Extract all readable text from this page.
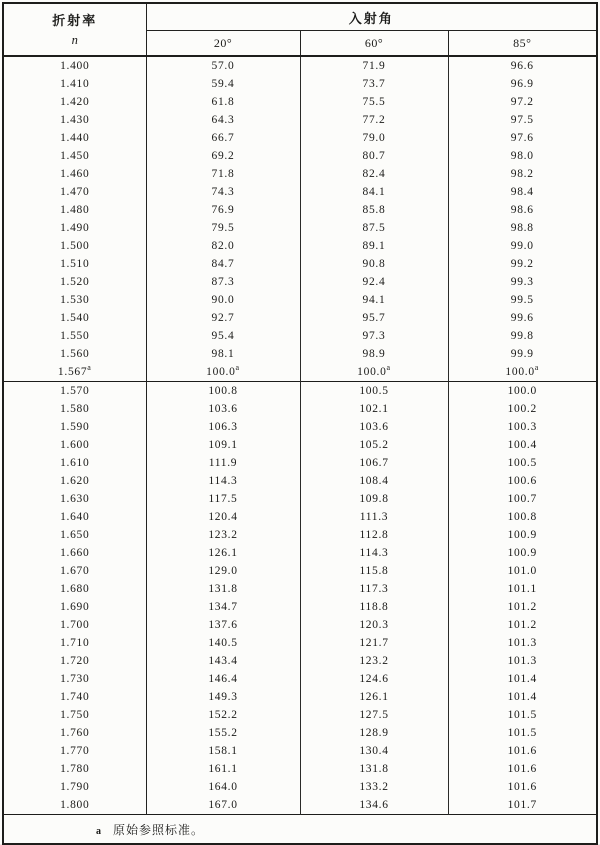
折射率
n	入射角		
	20°	60°	85°
1.400	57.0	71.9	96.6
1.410	59.4	73.7	96.9
1.420	61.8	75.5	97.2
1.430	64.3	77.2	97.5
1.440	66.7	79.0	97.6
1.450	69.2	80.7	98.0
1.460	71.8	82.4	98.2
1.470	74.3	84.1	98.4
1.480	76.9	85.8	98.6
1.490	79.5	87.5	98.8
1.500	82.0	89.1	99.0
1.510	84.7	90.8	99.2
1.520	87.3	92.4	99.3
1.530	90.0	94.1	99.5
1.540	92.7	95.7	99.6
1.550	95.4	97.3	99.8
1.560	98.1	98.9	99.9
1.567$^a$	100.0$^a$	100.0$^a$	100.0$^a$
1.570	100.8	100.5	100.0
1.580	103.6	102.1	100.2
1.590	106.3	103.6	100.3
1.600	109.1	105.2	100.4
1.610	111.9	106.7	100.5
1.620	114.3	108.4	100.6
1.630	117.5	109.8	100.7
1.640	120.4	111.3	100.8
1.650	123.2	112.8	100.9
1.660	126.1	114.3	100.9
1.670	129.0	115.8	101.0
1.680	131.8	117.3	101.1
1.690	134.7	118.8	101.2
1.700	137.6	120.3	101.2
1.710	140.5	121.7	101.3
1.720	143.4	123.2	101.3
1.730	146.4	124.6	101.4
1.740	149.3	126.1	101.4
1.750	152.2	127.5	101.5
1.760	155.2	128.9	101.5
1.770	158.1	130.4	101.6
1.780	161.1	131.8	101.6
1.790	164.0	133.2	101.6
1.800	167.0	134.6	101.7
a 原始参照标准。			
